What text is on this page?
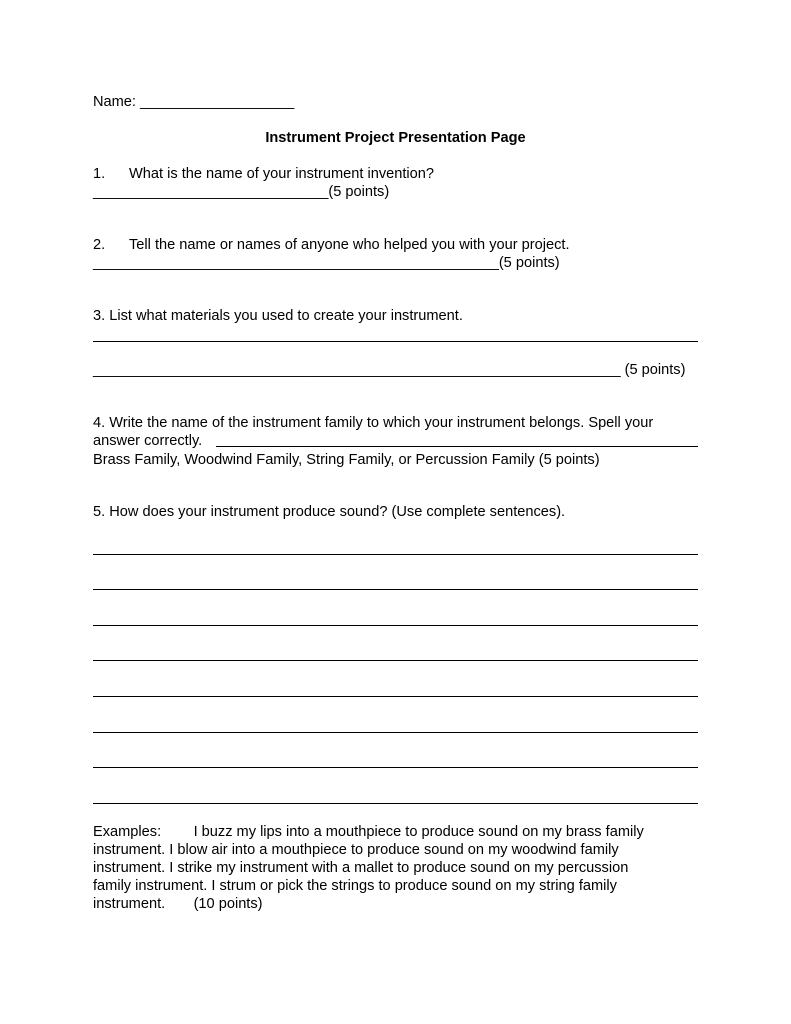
Name: ___________________

Instrument Project Presentation Page

1. What is the name of your instrument invention?

_____________________________(5 points)

2. Tell the name or names of anyone who helped you with your project.

__________________________________________________(5 points)

3. List what materials you used to create your instrument.

_________________________________________________________________ (5 points)

4. Write the name of the instrument family to which your instrument belongs. Spell your

answer correctly.

Brass Family, Woodwind Family, String Family, or Percussion Family (5 points)

5. How does your instrument produce sound? (Use complete sentences).

Examples:        I buzz my lips into a mouthpiece to produce sound on my brass family

instrument. I blow air into a mouthpiece to produce sound on my woodwind family

instrument. I strike my instrument with a mallet to produce sound on my percussion

family instrument. I strum or pick the strings to produce sound on my string family

instrument.       (10 points)
